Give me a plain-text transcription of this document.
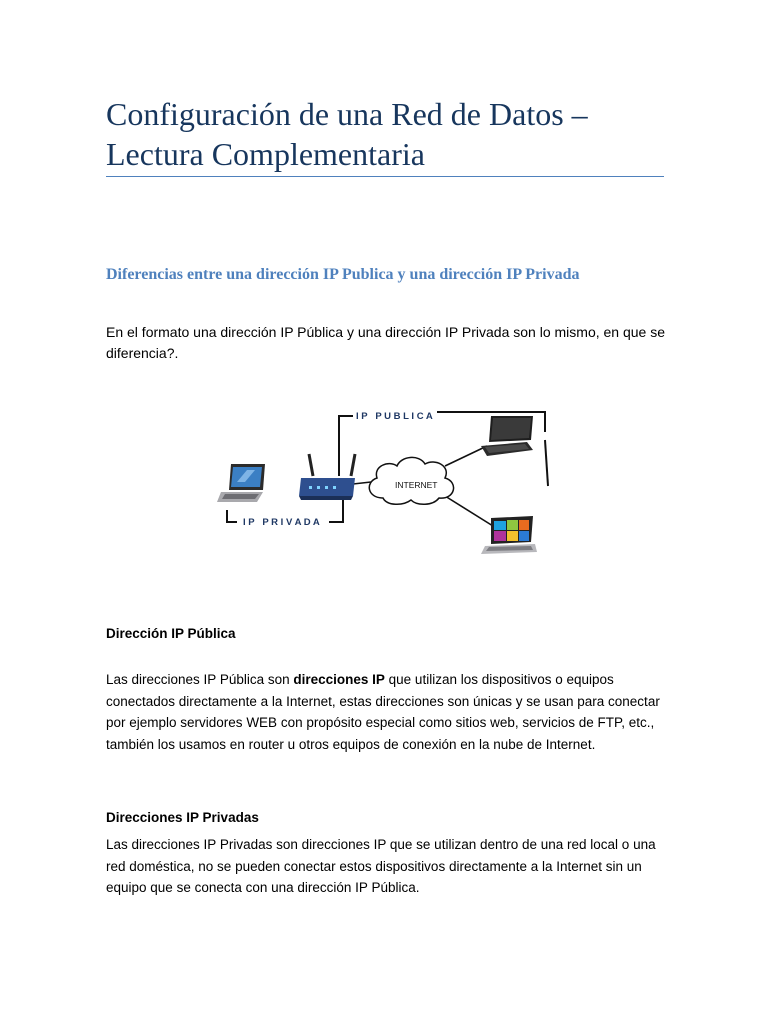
Configuración de una Red de Datos –
Lectura Complementaria
Diferencias entre una dirección IP Publica y una dirección IP Privada

En el formato una dirección IP Pública y una dirección IP Privada son lo mismo, en que se diferencia?.

I P   P U B L I C A
I P   P R I V A D A
INTERNET
Dirección IP Pública

Las direcciones IP Pública son direcciones IP que utilizan los dispositivos o equipos conectados directamente a la Internet, estas direcciones son únicas y se usan para conectar por ejemplo servidores WEB con propósito especial como sitios web, servicios de FTP, etc., también los usamos en router u otros equipos de conexión en la nube de Internet.

Direcciones IP Privadas

Las direcciones IP Privadas son direcciones IP que se utilizan dentro de una red local o una red doméstica, no se pueden conectar estos dispositivos directamente a la Internet sin un equipo que se conecta con una dirección IP Pública.
